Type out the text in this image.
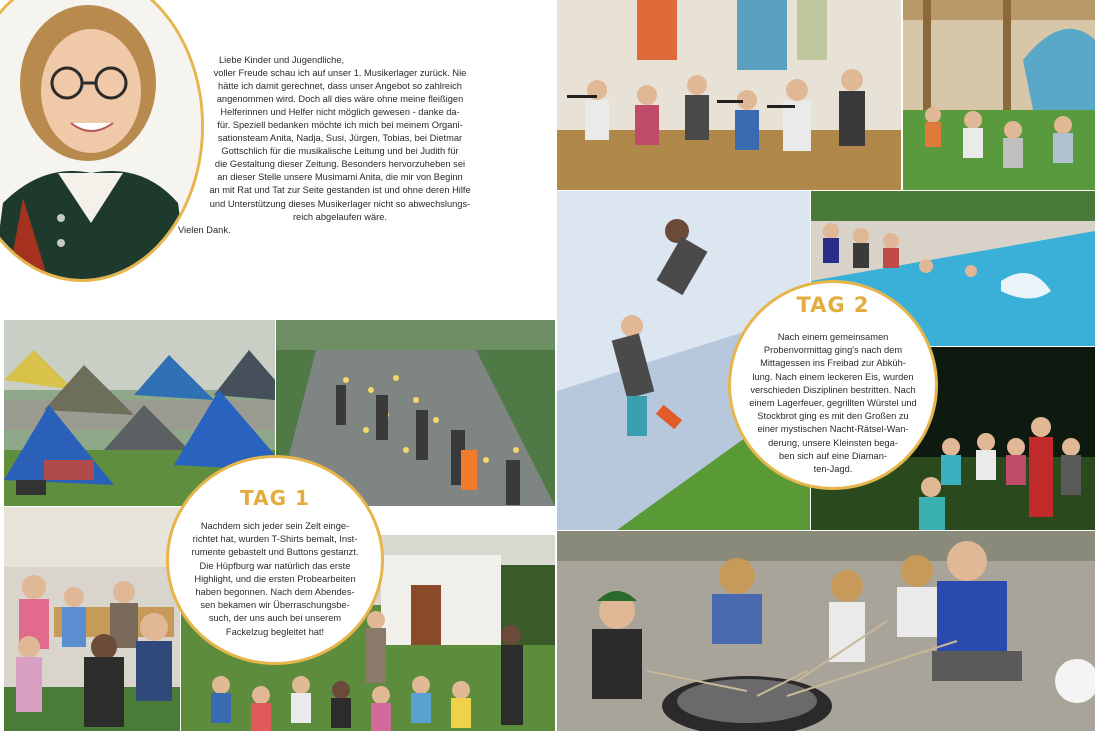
Liebe Kinder und Jugendliche,

voller Freude schau ich auf unser 1. Musikerlager zurück. Nie

hätte ich damit gerechnet, dass unser Angebot so zahlreich

angenommen wird. Doch all dies wäre ohne meine fleißigen

Helferinnen und Helfer nicht möglich gewesen - danke da-

für. Speziell bedanken möchte ich mich bei meinem Organi-

sationsteam Anita, Nadja, Susi, Jürgen, Tobias, bei Dietmar

Gottschlich für die musikalische Leitung und bei Judith für

die Gestaltung dieser Zeitung. Besonders hervorzuheben sei

an dieser Stelle unsere Musimami Anita, die mir von Beginn

an mit Rat und Tat zur Seite gestanden ist und ohne deren Hilfe

und Unterstützung dieses Musikerlager nicht so abwechslungs-

reich abgelaufen wäre.

Vielen Dank.

TAG 1
Nachdem sich jeder sein Zelt einge-
richtet hat, wurden T-Shirts bemalt, Inst-
rumente gebastelt und Buttons gestanzt.
Die Hüpfburg war natürlich das erste
Highlight, und die ersten Probearbeiten
haben begonnen. Nach dem Abendes-
sen bekamen wir Überraschungsbe-
such, der uns auch bei unserem
Fackelzug begleitet hat!
TAG 2
Nach einem gemeinsamen
Probenvormittag ging's nach dem
Mittagessen ins Freibad zur Abküh-
lung. Nach einem leckeren Eis, wurden
verschieden Disziplinen bestritten. Nach
einem Lagerfeuer, gegrillten Würstel und
Stockbrot ging es mit den Großen zu
einer mystischen Nacht-Rätsel-Wan-
derung, unsere Kleinsten bega-
ben sich auf eine Diaman-
ten-Jagd.
